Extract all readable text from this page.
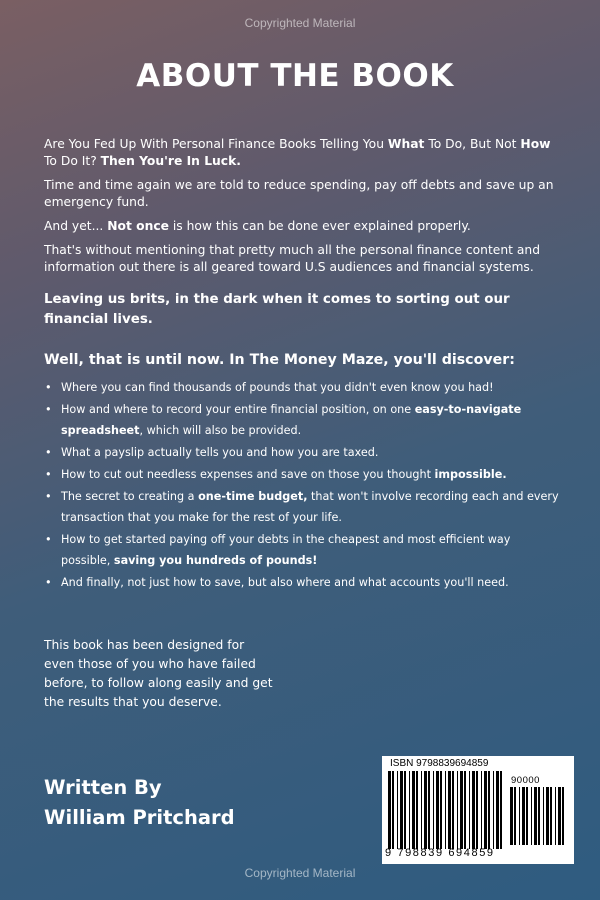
Copyrighted Material
ABOUT THE BOOK

Are You Fed Up With Personal Finance Books Telling You What To Do, But Not How To Do It? Then You're In Luck.

Time and time again we are told to reduce spending, pay off debts and save up an emergency fund.

And yet... Not once is how this can be done ever explained properly.

That's without mentioning that pretty much all the personal finance content and information out there is all geared toward U.S audiences and financial systems.

Leaving us brits, in the dark when it comes to sorting out our financial lives.

Well, that is until now. In The Money Maze, you'll discover:

• Where you can find thousands of pounds that you didn't even know you had!
• How and where to record your entire financial position, on one easy-to-navigate spreadsheet, which will also be provided.
• What a payslip actually tells you and how you are taxed.
• How to cut out needless expenses and save on those you thought impossible.
• The secret to creating a one-time budget, that won't involve recording each and every transaction that you make for the rest of your life.
• How to get started paying off your debts in the cheapest and most efficient way possible, saving you hundreds of pounds!
• And finally, not just how to save, but also where and what accounts you'll need.
This book has been designed for even those of you who have failed before, to follow along easily and get the results that you deserve.
Written By
William Pritchard
ISBN 9798839694859
90000
9 798839 694859
Copyrighted Material
